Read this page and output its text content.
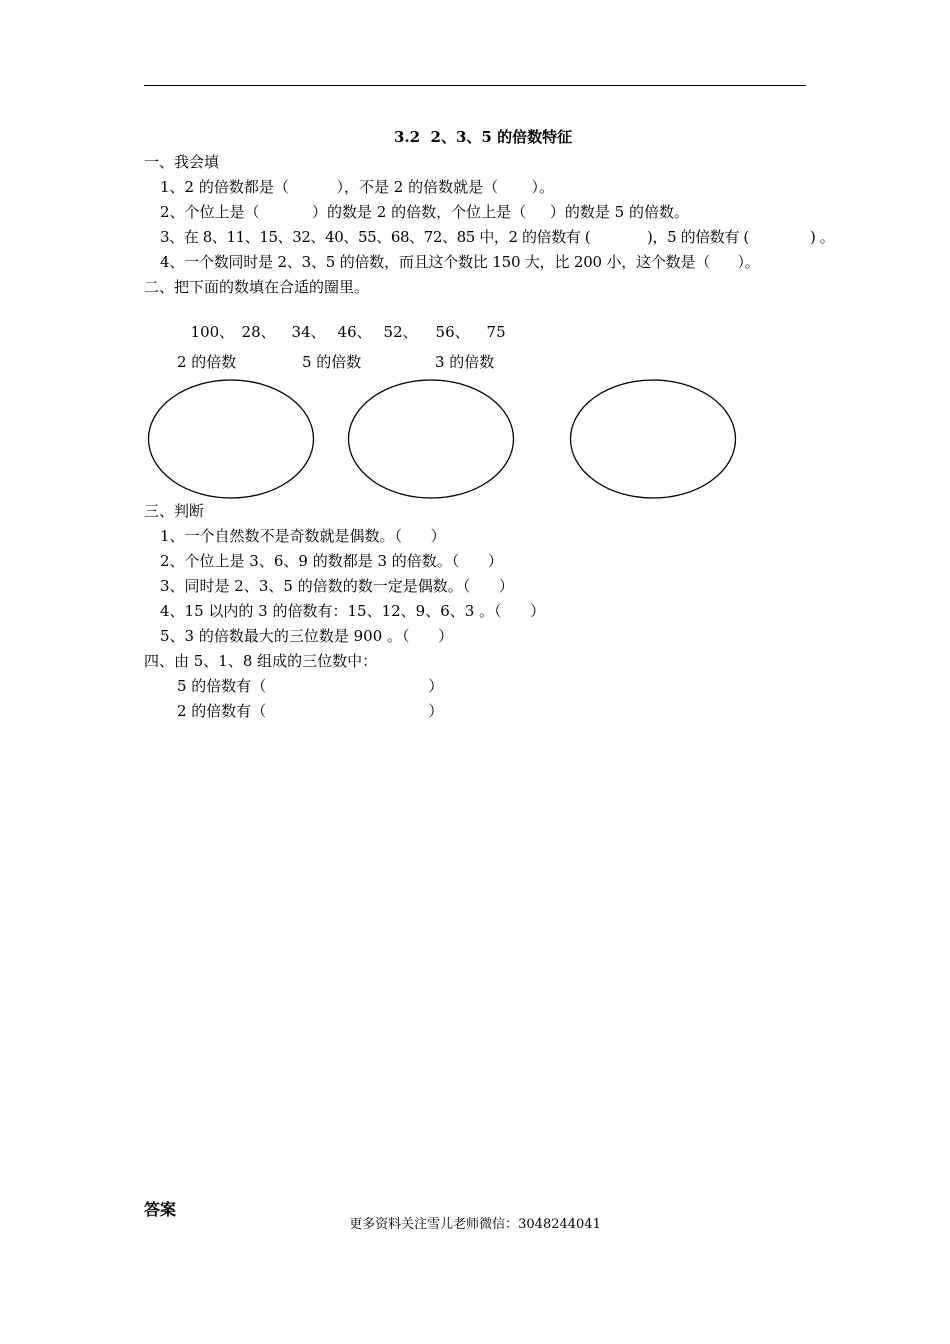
3.2  2、3、5 的倍数特征
一、我会填
1、2 的倍数都是（          ），不是 2 的倍数就是（       ）。
2、个位上是（           ）的数是 2 的倍数，个位上是（     ）的数是 5 的倍数。
3、在 8、11、15、32、40、55、68、72、85 中，2 的倍数有 (             )，5 的倍数有 (              ) 。
4、一个数同时是 2、3、5 的倍数，而且这个数比 150 大，比 200 小，这个数是（      ）。
二、把下面的数填在合适的圈里。

100、 28、 34、 46、 52、 56、 75

2 的倍数	5 的倍数	3 的倍数
三、判断
1、一个自然数不是奇数就是偶数。（      ）
2、个位上是 3、6、9 的数都是 3 的倍数。（      ）
3、同时是 2、3、5 的倍数的数一定是偶数。（      ）
4、15 以内的 3 的倍数有：15、12、9、6、3 。（      ）
5、3 的倍数最大的三位数是 900 。（      ）
四、由 5、1、8 组成的三位数中：
5 的倍数有（                                  ）
2 的倍数有（                                  ）
答案
更多资料关注雪儿老师微信：3048244041
